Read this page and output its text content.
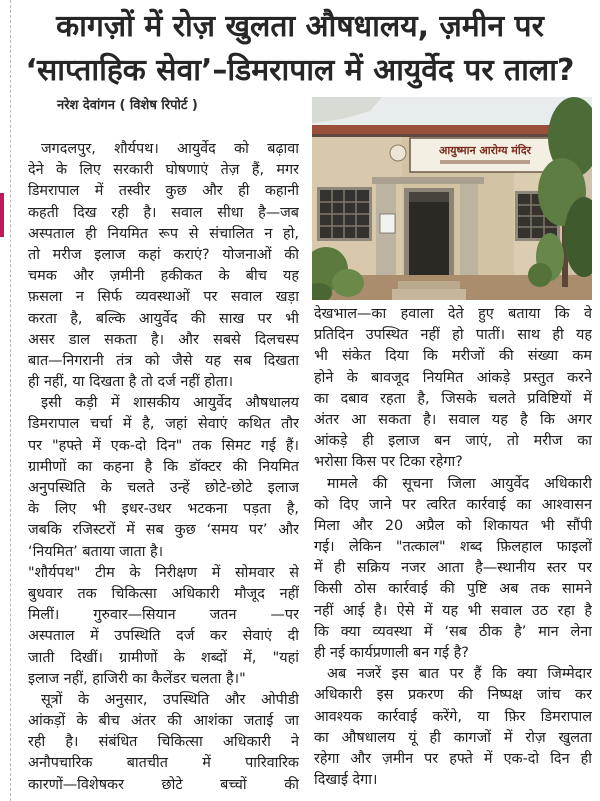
कागज़ों में रोज़ खुलता औषधालय, ज़मीन पर
‘साप्ताहिक सेवा’–डिमरापाल में आयुर्वेद पर ताला?
नरेश देवांगन ( विशेष रिपोर्ट )
आयुष्मान आरोग्य मंदिर

जगदलपुर, शौर्यपथ। आयुर्वेद को बढ़ावा
देने के लिए सरकारी घोषणाएं तेज़ हैं, मगर
डिमरापाल में तस्वीर कुछ और ही कहानी
कहती दिख रही है। सवाल सीधा है—जब
अस्पताल ही नियमित रूप से संचालित न हो,
तो मरीज इलाज कहां कराएं? योजनाओं की
चमक और ज़मीनी हकीकत के बीच यह
फ़सला न सिर्फ व्यवस्थाओं पर सवाल खड़ा
करता है, बल्कि आयुर्वेद की साख पर भी
असर डाल सकता है। और सबसे दिलचस्प
बात—निगरानी तंत्र को जैसे यह सब दिखता
ही नहीं, या दिखता है तो दर्ज नहीं होता।

इसी कड़ी में शासकीय आयुर्वेद औषधालय
डिमरापाल चर्चा में है, जहां सेवाएं कथित तौर
पर "हफ्ते में एक-दो दिन" तक सिमट गई हैं।
ग्रामीणों का कहना है कि डॉक्टर की नियमित
अनुपस्थिति के चलते उन्हें छोटे-छोटे इलाज
के लिए भी इधर-उधर भटकना पड़ता है,
जबकि रजिस्टरों में सब कुछ ‘समय पर’ और
‘नियमित’ बताया जाता है।

"शौर्यपथ" टीम के निरीक्षण में सोमवार से
बुधवार तक चिकित्सा अधिकारी मौजूद नहीं
मिलीं। गुरुवार—सियान जतन —पर
अस्पताल में उपस्थिति दर्ज कर सेवाएं दी
जाती दिखीं। ग्रामीणों के शब्दों में, "यहां
इलाज नहीं, हाजिरी का कैलेंडर चलता है।"

सूत्रों के अनुसार, उपस्थिति और ओपीडी
आंकड़ों के बीच अंतर की आशंका जताई जा
रही है। संबंधित चिकित्सा अधिकारी ने
अनौपचारिक बातचीत में पारिवारिक
कारणों—विशेषकर छोटे बच्चों की

देखभाल—का हवाला देते हुए बताया कि वे
प्रतिदिन उपस्थित नहीं हो पातीं। साथ ही यह
भी संकेत दिया कि मरीजों की संख्या कम
होने के बावजूद नियमित आंकड़े प्रस्तुत करने
का दबाव रहता है, जिसके चलते प्रविष्टियों में
अंतर आ सकता है। सवाल यह है कि अगर
आंकड़े ही इलाज बन जाएं, तो मरीज का
भरोसा किस पर टिका रहेगा?

मामले की सूचना जिला आयुर्वेद अधिकारी
को दिए जाने पर त्वरित कार्रवाई का आश्वासन
मिला और 20 अप्रैल को शिकायत भी सौंपी
गई। लेकिन "तत्काल" शब्द फ़िलहाल फाइलों
में ही सक्रिय नजर आता है—स्थानीय स्तर पर
किसी ठोस कार्रवाई की पुष्टि अब तक सामने
नहीं आई है। ऐसे में यह भी सवाल उठ रहा है
कि क्या व्यवस्था में ‘सब ठीक है’ मान लेना
ही नई कार्यप्रणाली बन गई है?

अब नजरें इस बात पर हैं कि क्या जिम्मेदार
अधिकारी इस प्रकरण की निष्पक्ष जांच कर
आवश्यक कार्रवाई करेंगे, या फ़िर डिमरापाल
का औषधालय यूं ही कागजों में रोज़ खुलता
रहेगा और ज़मीन पर हफ्ते में एक-दो दिन ही
दिखाई देगा।
